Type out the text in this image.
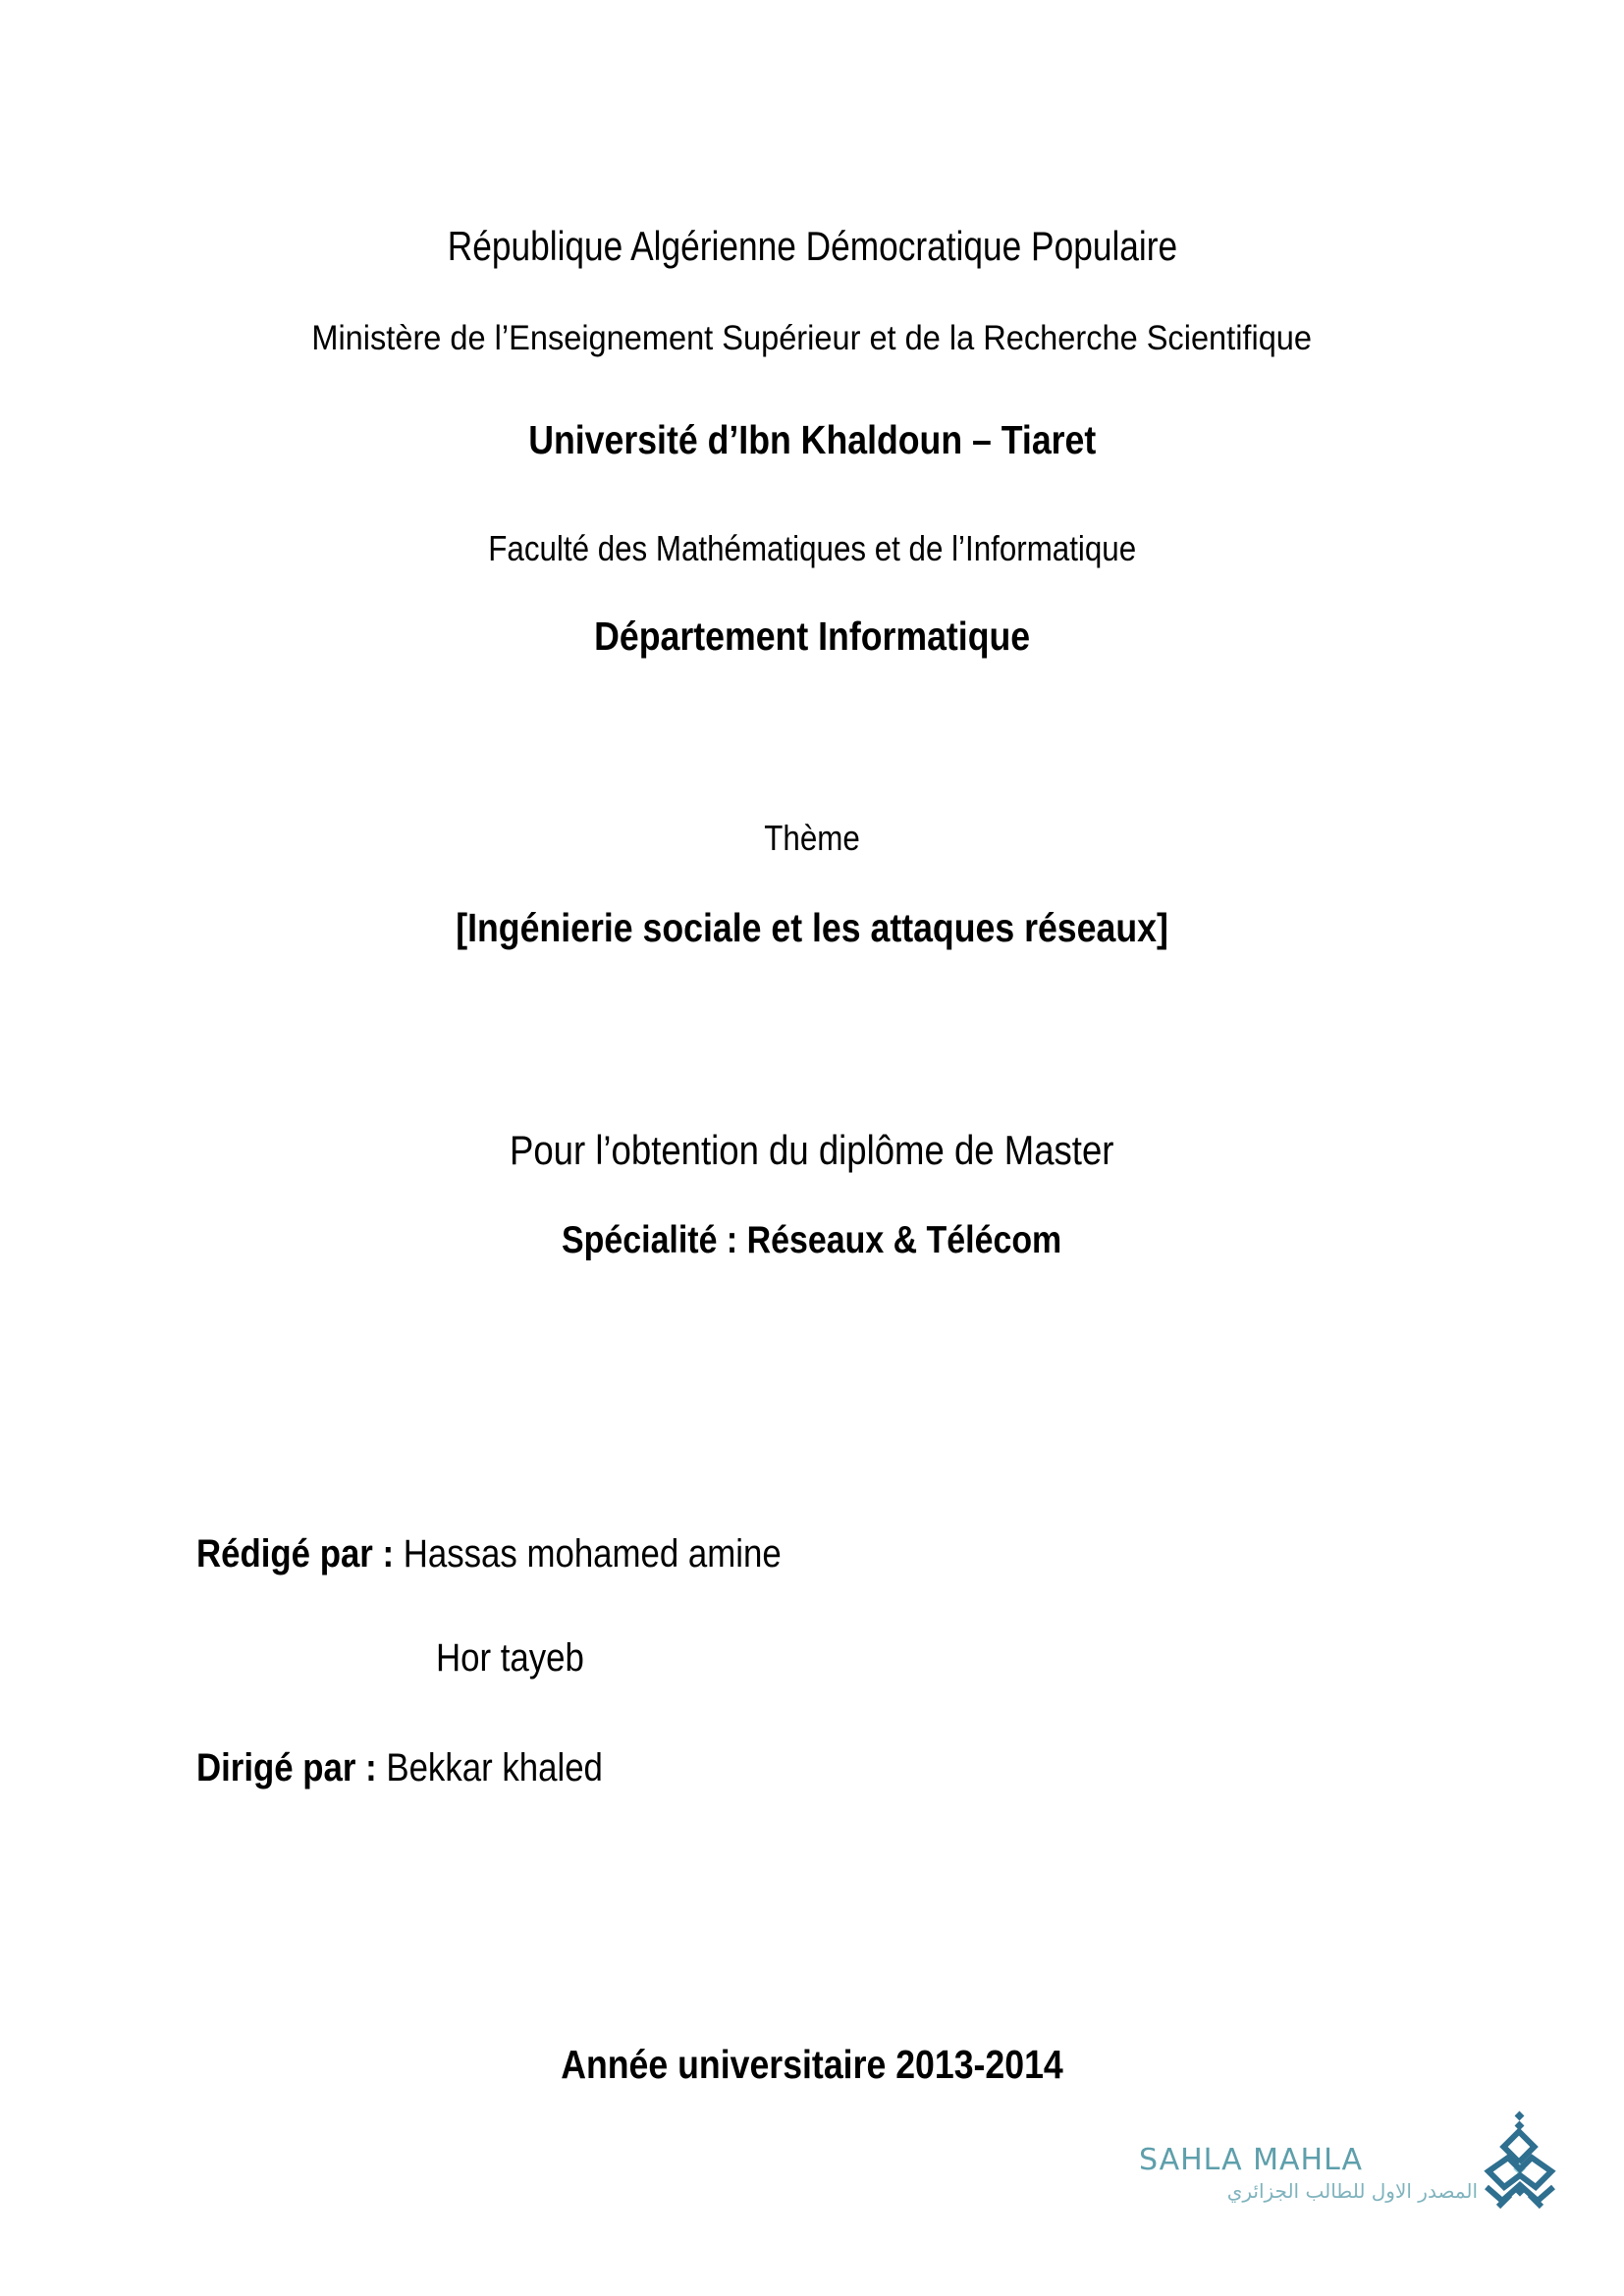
République Algérienne Démocratique Populaire
Ministère de l’Enseignement Supérieur et de la Recherche Scientifique
Université d’Ibn Khaldoun – Tiaret
Faculté des Mathématiques et de l’Informatique
Département Informatique
Thème
[Ingénierie sociale et les attaques réseaux]
Pour l’obtention du diplôme de Master
Spécialité : Réseaux & Télécom
Rédigé par : Hassas mohamed amine
Hor tayeb
Dirigé par : Bekkar khaled
Année universitaire 2013-2014
SAHLA MAHLA
المصدر الاول للطالب الجزائري
